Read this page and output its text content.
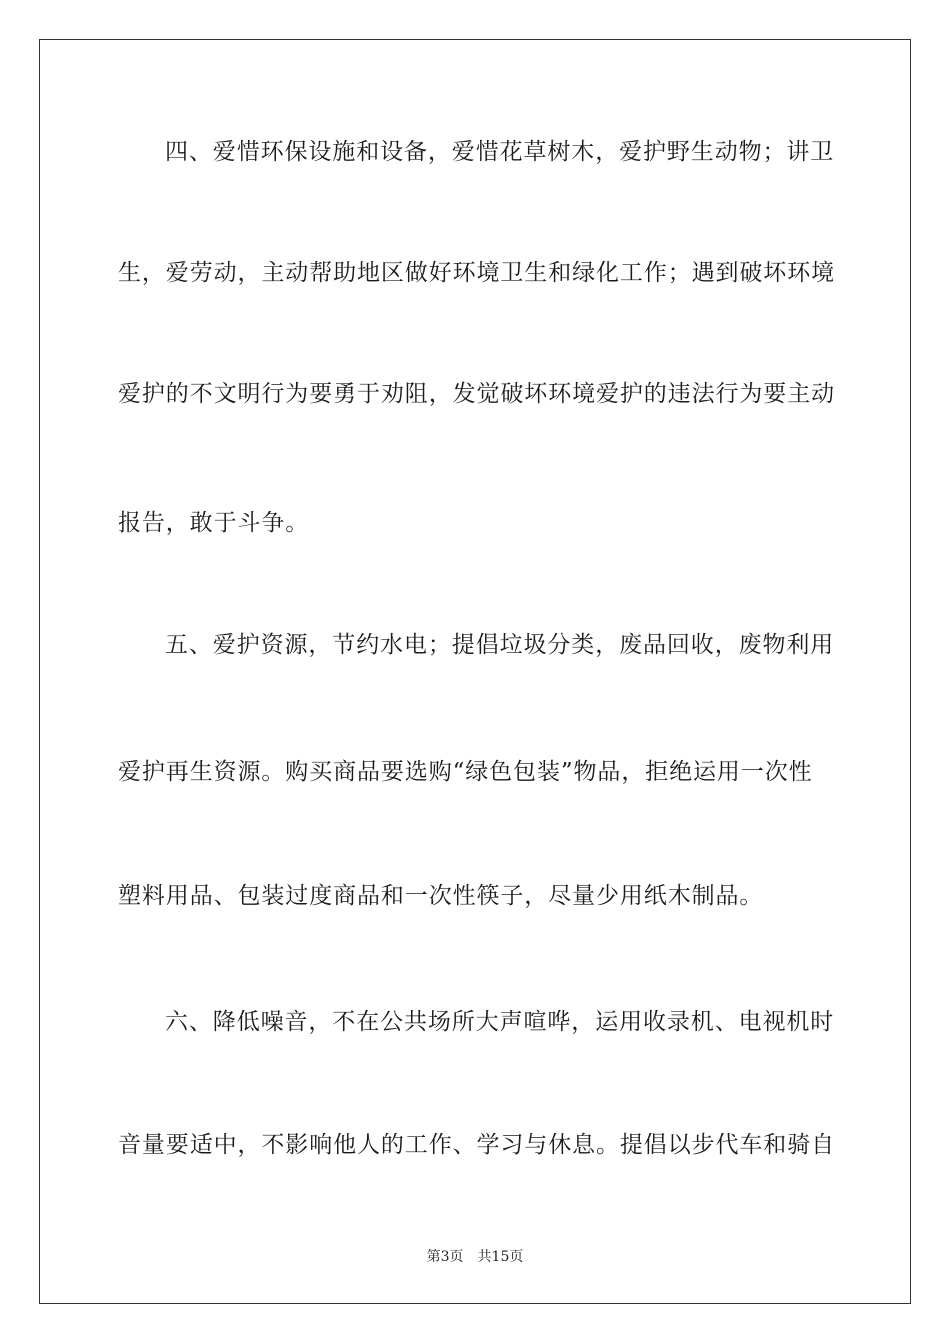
四、爱惜环保设施和设备，爱惜花草树木，爱护野生动物；讲卫
生，爱劳动，主动帮助地区做好环境卫生和绿化工作；遇到破坏环境
爱护的不文明行为要勇于劝阻，发觉破坏环境爱护的违法行为要主动
报告，敢于斗争。
五、爱护资源，节约水电；提倡垃圾分类，废品回收，废物利用
爱护再生资源。购买商品要选购“绿色包装”物品，拒绝运用一次性
塑料用品、包装过度商品和一次性筷子，尽量少用纸木制品。
六、降低噪音，不在公共场所大声喧哗，运用收录机、电视机时
音量要适中，不影响他人的工作、学习与休息。提倡以步代车和骑自
第3页 共15页
